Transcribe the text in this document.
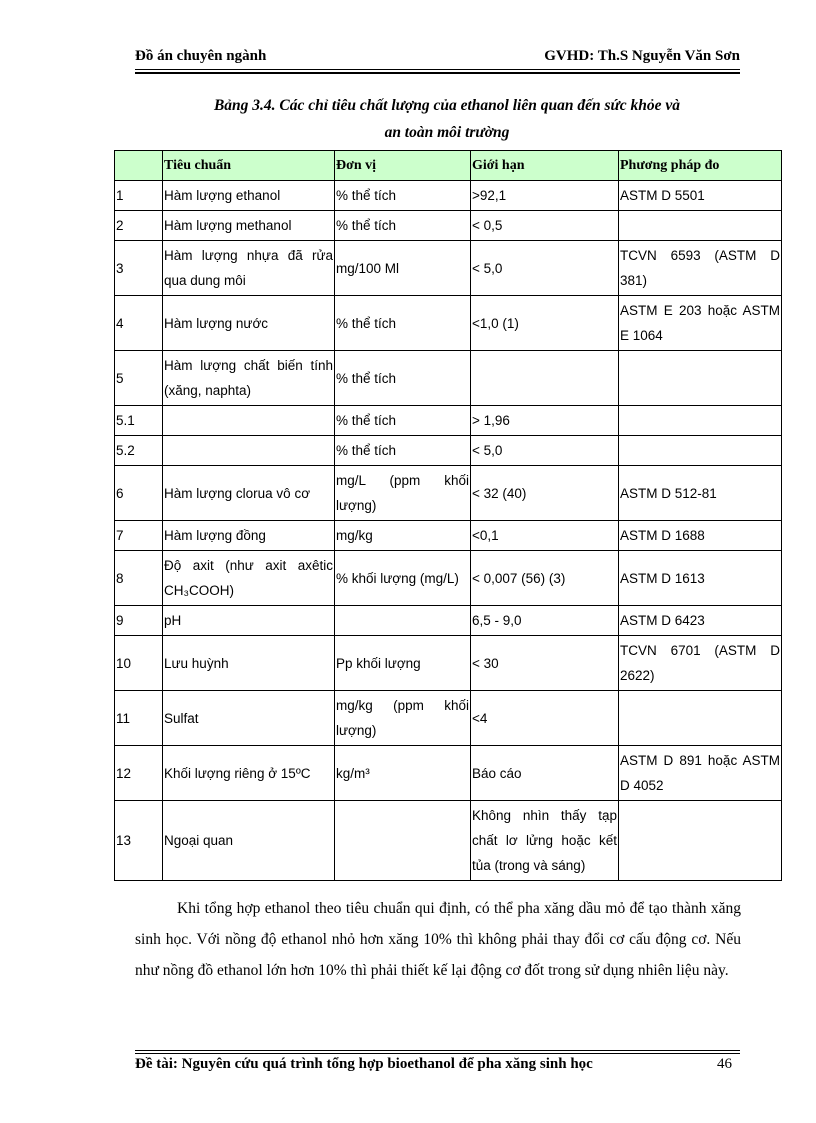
Đồ án chuyên ngành	GVHD: Th.S Nguyễn Văn Sơn
Bảng 3.4. Các chỉ tiêu chất lượng của ethanol liên quan đến sức khỏe và
an toàn môi trường
	Tiêu chuẩn	Đơn vị	Giới hạn	Phương pháp đo
1	Hàm lượng ethanol	% thể tích	>92,1	ASTM D 5501
2	Hàm lượng methanol	% thể tích	< 0,5	
3	Hàm lượng nhựa đã rửa qua dung môi	mg/100 Ml	< 5,0	TCVN 6593 (ASTM D 381)
4	Hàm lượng nước	% thể tích	<1,0 (1)	ASTM E 203 hoặc ASTM E 1064
5	Hàm lượng chất biến tính (xăng, naphta)	% thể tích		
5.1		% thể tích	> 1,96	
5.2		% thể tích	< 5,0	
6	Hàm lượng clorua vô cơ	mg/L (ppm khối lượng)	< 32 (40)	ASTM D 512-81
7	Hàm lượng đồng	mg/kg	<0,1	ASTM D 1688
8	Độ axit (như axit axêtic CH₃COOH)	% khối lượng (mg/L)	< 0,007 (56) (3)	ASTM D 1613
9	pH		6,5 - 9,0	ASTM D 6423
10	Lưu huỳnh	Pp khối lượng	< 30	TCVN 6701 (ASTM D 2622)
11	Sulfat	mg/kg (ppm khối lượng)	<4	
12	Khối lượng riêng ở 15ºC	kg/m³	Báo cáo	ASTM D 891 hoặc ASTM D 4052
13	Ngoại quan		Không nhìn thấy tạp chất lơ lửng hoặc kết tủa (trong và sáng)	
Khi tổng hợp ethanol theo tiêu chuẩn qui định, có thể pha xăng dầu mỏ để tạo thành xăng sinh học. Với nồng độ ethanol nhỏ hơn xăng 10% thì không phải thay đổi cơ cấu động cơ. Nếu như nồng đồ ethanol lớn hơn 10% thì phải thiết kế lại động cơ đốt trong sử dụng nhiên liệu này.
Đề tài: Nguyên cứu quá trình tổng hợp bioethanol để pha xăng sinh học	46
